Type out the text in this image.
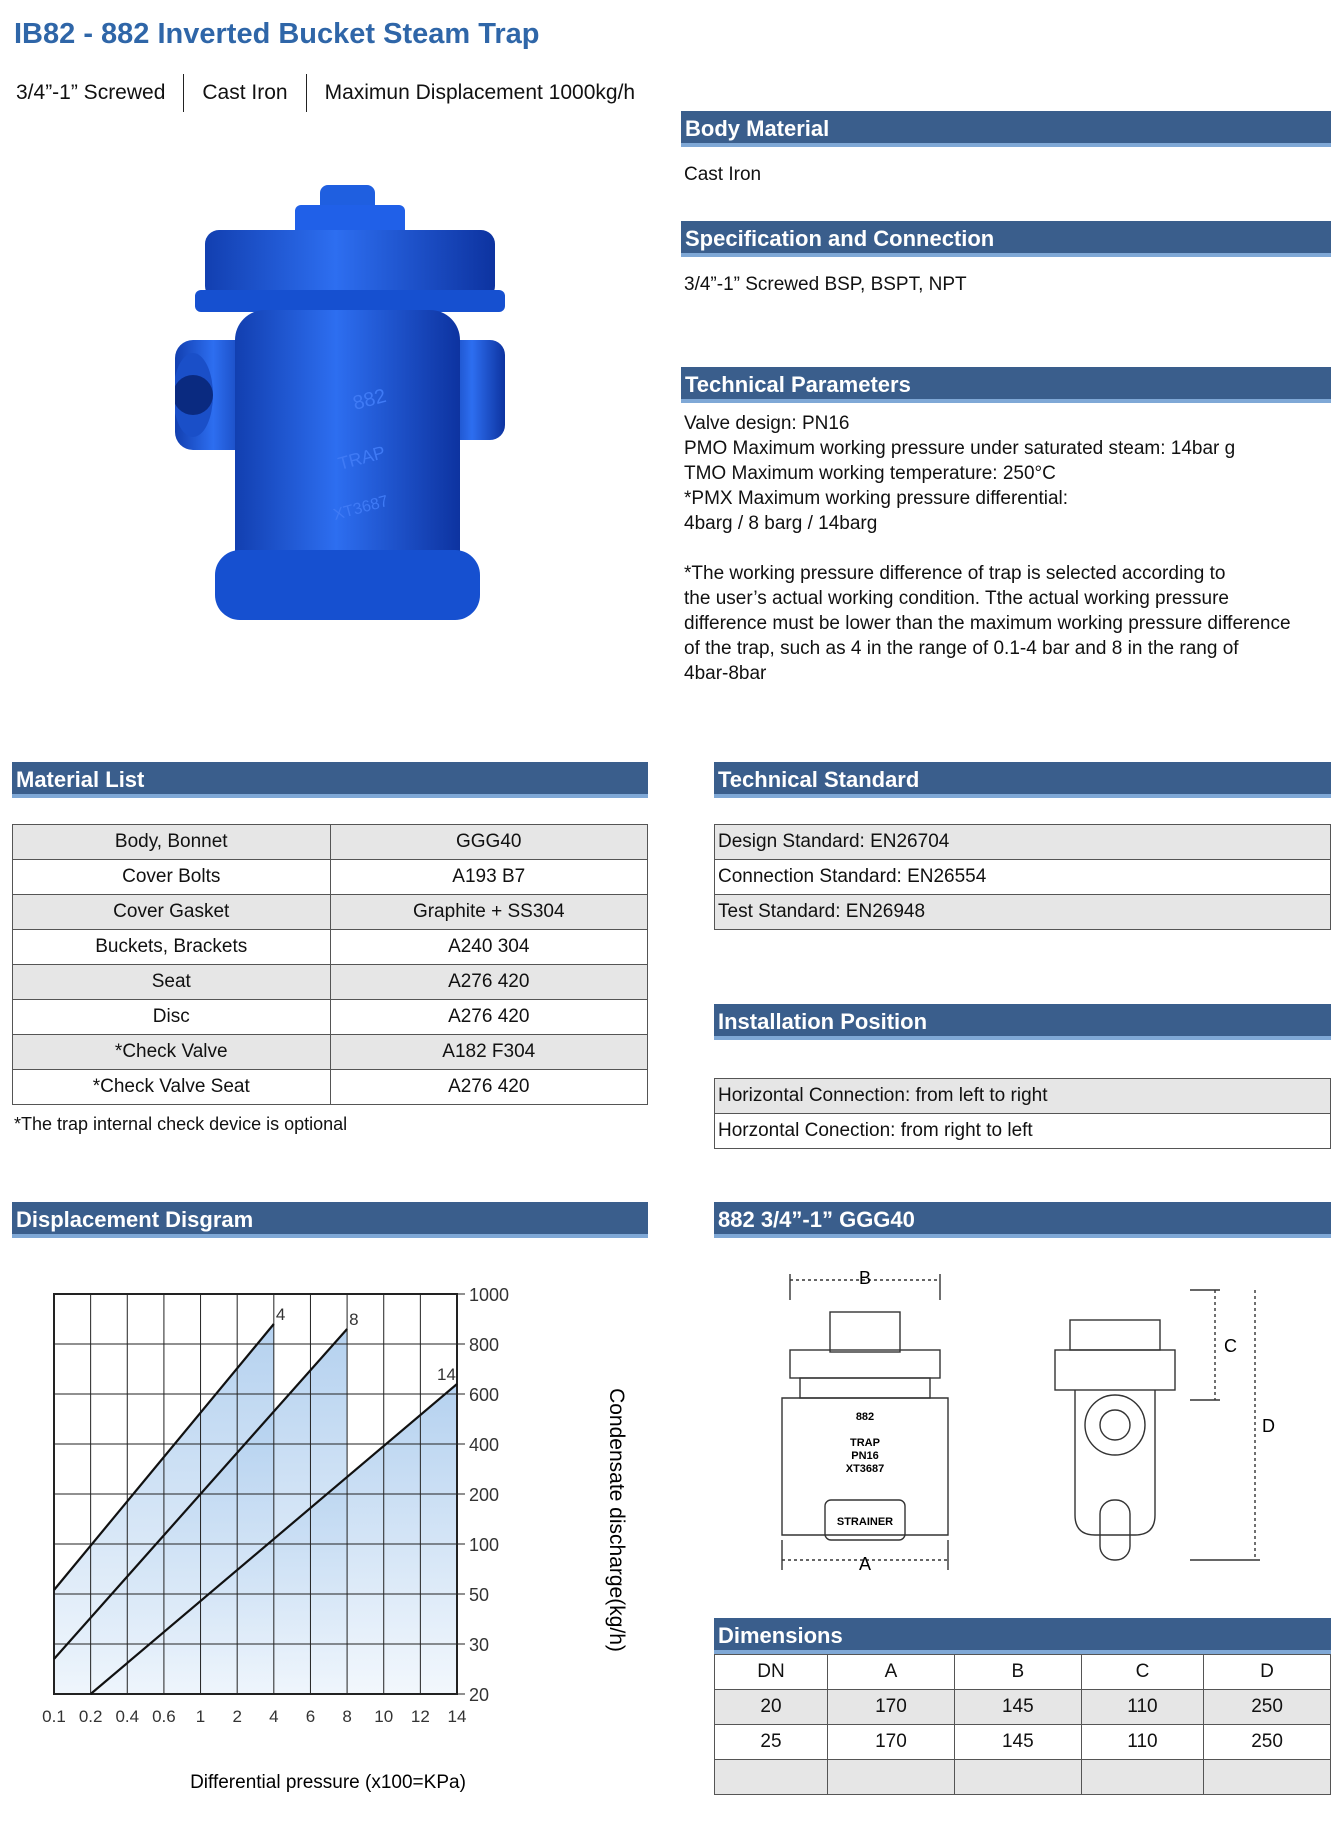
IB82 - 882 Inverted Bucket Steam Trap
3/4”-1” Screwed	Cast Iron	Maximun Displacement 1000kg/h
882
TRAP
XT3687
Body Material
Cast Iron
Specification and Connection
3/4”-1” Screwed BSP, BSPT, NPT
Technical Parameters
Valve design: PN16
PMO Maximum working pressure under saturated steam: 14bar g
TMO Maximum working temperature: 250°C
*PMX Maximum working pressure differential:
4barg / 8 barg / 14barg
*The working pressure difference of trap is selected according to
the user’s actual working condition. Tthe actual working pressure
difference must be lower than the maximum working pressure difference
of the trap, such as 4 in the range of 0.1-4 bar and 8 in the rang of
4bar-8bar
Material List
Body, Bonnet	GGG40
Cover Bolts	A193 B7
Cover Gasket	Graphite + SS304
Buckets, Brackets	A240 304
Seat	A276 420
Disc	A276 420
*Check Valve	A182 F304
*Check Valve Seat	A276 420
*The trap internal check device is optional
Technical Standard
Design Standard: EN26704
Connection Standard: EN26554
Test Standard: EN26948
Installation Position
Horizontal Connection: from left to right
Horzontal Conection: from right to left
Displacement Disgram
0.1 0.2 0.4 0.6 1 2 4 6 8 10 12 14
1000
800
600
400
200
100
50
30
20
4	8
14
Differential pressure (x100=KPa)
Condensate discharge(kg/h)
882 3/4”-1” GGG40
B
A
C
D
882
TRAP
PN16
XT3687
STRAINER
Dimensions
DN	A	B	C	D
20	170	145	110	250
25	170	145	110	250
